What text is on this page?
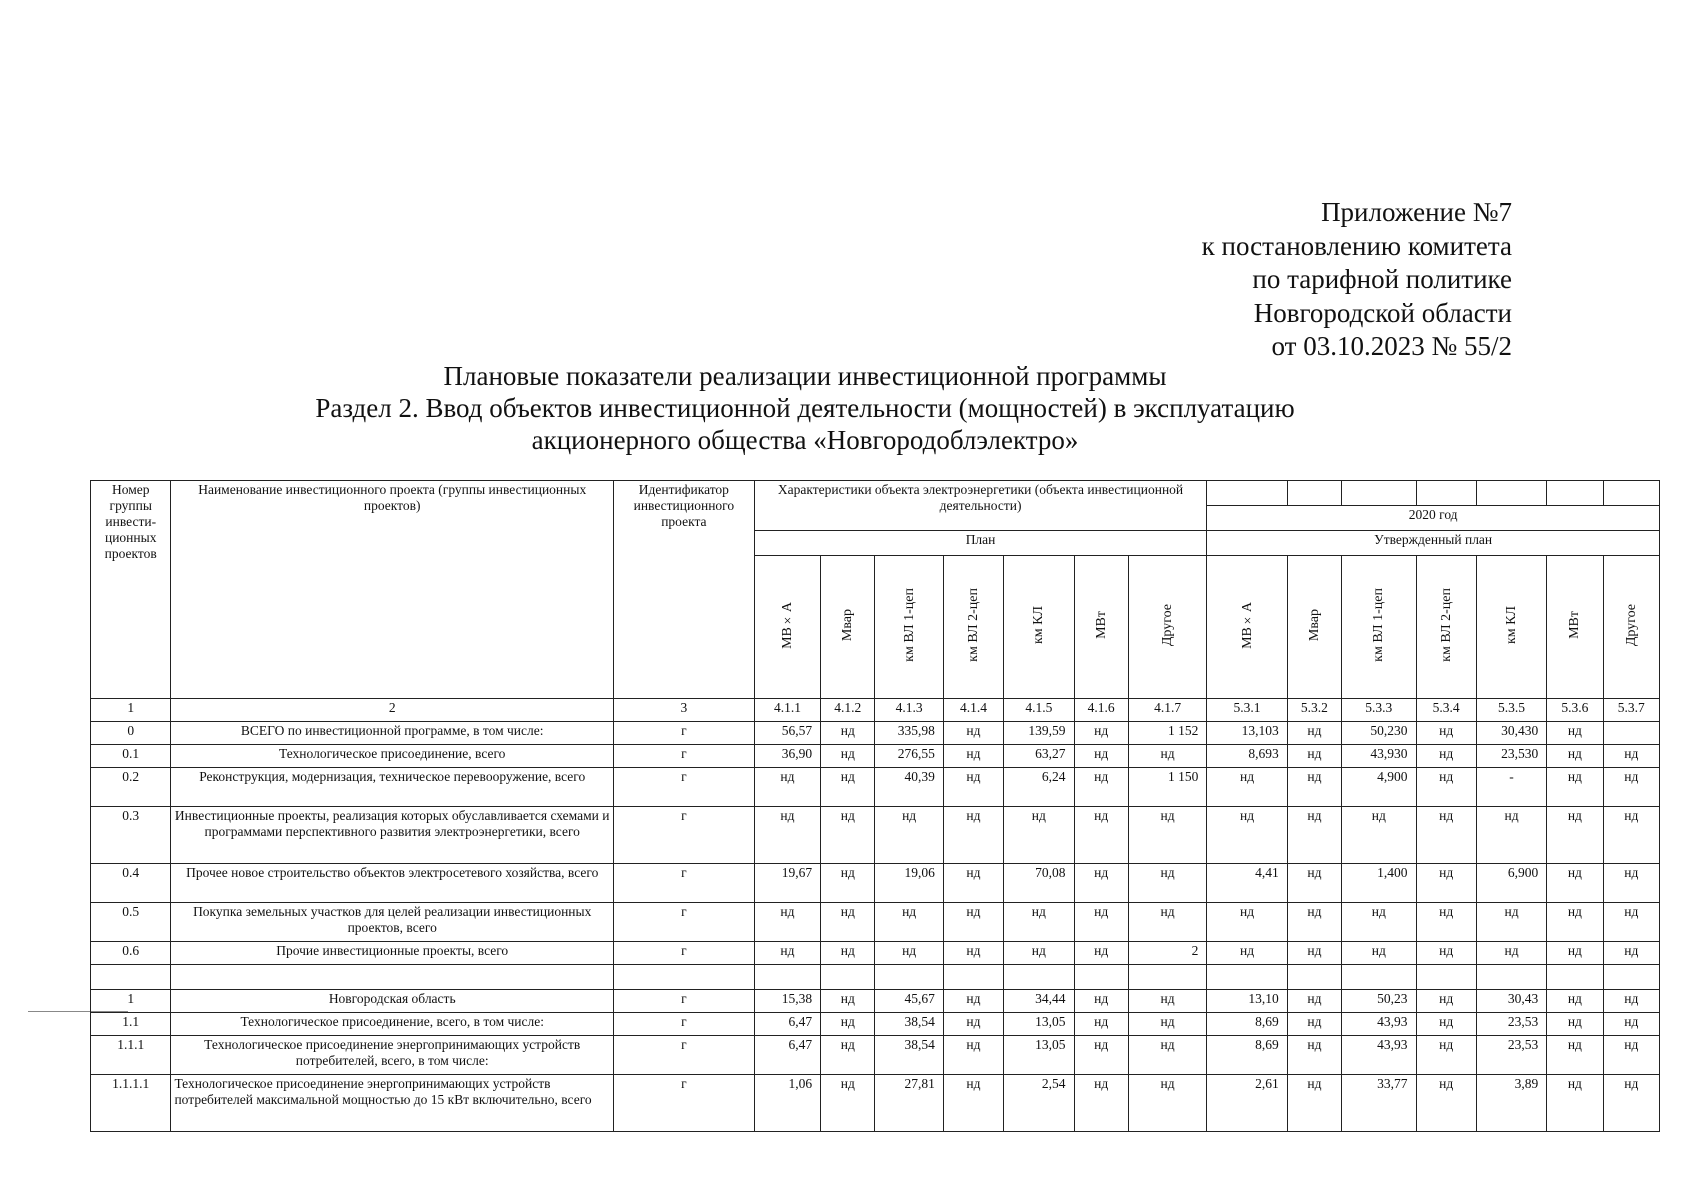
Приложение №7
к постановлению комитета
по тарифной политике
Новгородской области
от 03.10.2023 № 55/2
Плановые показатели реализации инвестиционной программы
Раздел 2. Ввод объектов инвестиционной деятельности (мощностей) в эксплуатацию
акционерного общества «Новгородоблэлектро»
Номер группы инвести-ционных проектов	Наименование инвестиционного проекта (группы инвестиционных проектов)	Идентификатор инвестиционного проекта	Характеристики объекта электроэнергетики (объекта инвестиционной деятельности)													
										2020 год						
			План							Утвержденный план						
			МВ×А	Мвар	км ВЛ 1-цеп	км ВЛ 2-цеп	км КЛ	МВт	Другое	МВ×А	Мвар	км ВЛ 1-цеп	км ВЛ 2-цеп	км КЛ	МВт	Другое
1	2	3	4.1.1	4.1.2	4.1.3	4.1.4	4.1.5	4.1.6	4.1.7	5.3.1	5.3.2	5.3.3	5.3.4	5.3.5	5.3.6	5.3.7
0	ВСЕГО по инвестиционной программе, в том числе:	г	56,57	нд	335,98	нд	139,59	нд	1 152	13,103	нд	50,230	нд	30,430	нд	
0.1	Технологическое присоединение, всего	г	36,90	нд	276,55	нд	63,27	нд	нд	8,693	нд	43,930	нд	23,530	нд	нд
0.2	Реконструкция, модернизация, техническое перевооружение, всего	г	нд	нд	40,39	нд	6,24	нд	1 150	нд	нд	4,900	нд	-	нд	нд
0.3	Инвестиционные проекты, реализация которых обуславливается схемами и программами перспективного развития электроэнергетики, всего	г	нд	нд	нд	нд	нд	нд	нд	нд	нд	нд	нд	нд	нд	нд
0.4	Прочее новое строительство объектов электросетевого хозяйства, всего	г	19,67	нд	19,06	нд	70,08	нд	нд	4,41	нд	1,400	нд	6,900	нд	нд
0.5	Покупка земельных участков для целей реализации инвестиционных проектов, всего	г	нд	нд	нд	нд	нд	нд	нд	нд	нд	нд	нд	нд	нд	нд
0.6	Прочие инвестиционные проекты, всего	г	нд	нд	нд	нд	нд	нд	2	нд	нд	нд	нд	нд	нд	нд

1	Новгородская область	г	15,38	нд	45,67	нд	34,44	нд	нд	13,10	нд	50,23	нд	30,43	нд	нд
1.1	Технологическое присоединение, всего, в том числе:	г	6,47	нд	38,54	нд	13,05	нд	нд	8,69	нд	43,93	нд	23,53	нд	нд
1.1.1	Технологическое присоединение энергопринимающих устройств потребителей, всего, в том числе:	г	6,47	нд	38,54	нд	13,05	нд	нд	8,69	нд	43,93	нд	23,53	нд	нд
1.1.1.1	Технологическое присоединение энергопринимающих устройств потребителей максимальной мощностью до 15 кВт включительно, всего	г	1,06	нд	27,81	нд	2,54	нд	нд	2,61	нд	33,77	нд	3,89	нд	нд
